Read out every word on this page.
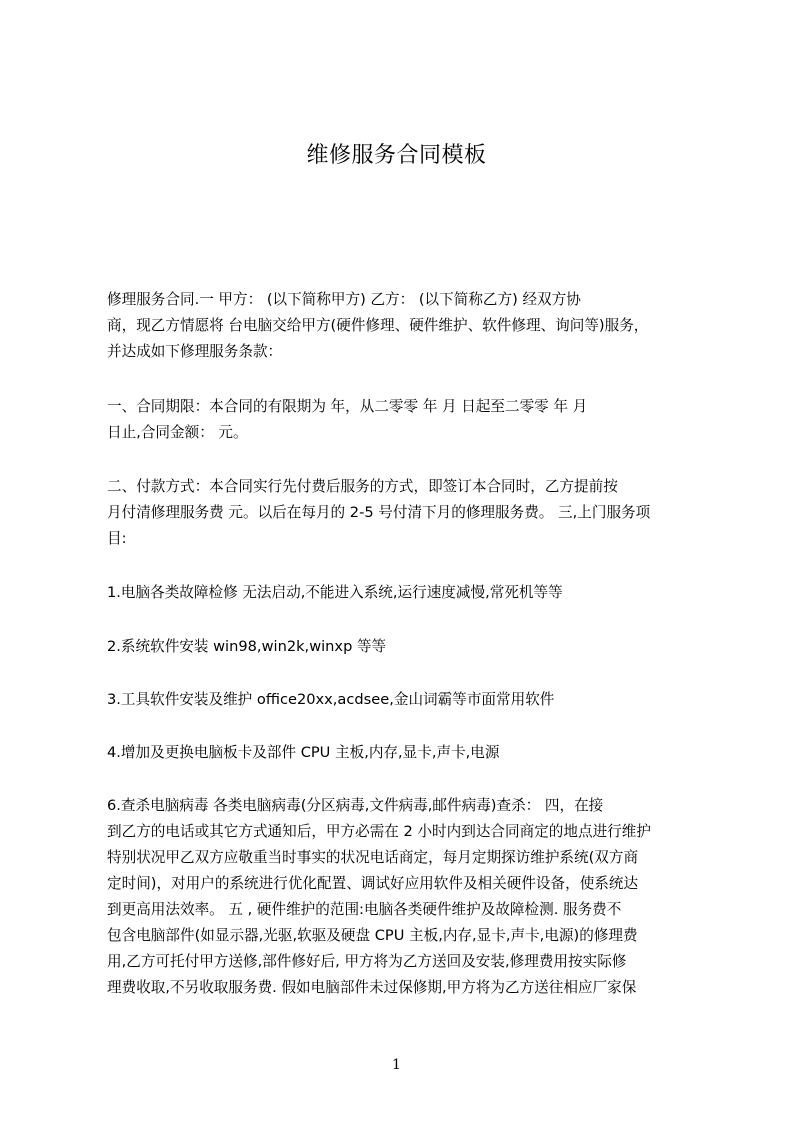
维修服务合同模板
修理服务合同.一 甲方： (以下简称甲方) 乙方： (以下简称乙方) 经双方协
商，现乙方情愿将 台电脑交给甲方(硬件修理、硬件维护、软件修理、询问等)服务，
并达成如下修理服务条款：
一、合同期限：本合同的有限期为 年，从二零零 年 月 日起至二零零 年 月
日止,合同金额： 元。
二、付款方式：本合同实行先付费后服务的方式，即签订本合同时，乙方提前按
月付清修理服务费 元。以后在每月的 2-5 号付清下月的修理服务费。 三,上门服务项
目:
1.电脑各类故障检修 无法启动,不能进入系统,运行速度减慢,常死机等等
2.系统软件安装 win98,win2k,winxp 等等
3.工具软件安装及维护 office20xx,acdsee,金山词霸等市面常用软件
4.增加及更换电脑板卡及部件 CPU 主板,内存,显卡,声卡,电源
6.查杀电脑病毒 各类电脑病毒(分区病毒,文件病毒,邮件病毒)查杀： 四，在接
到乙方的电话或其它方式通知后，甲方必需在 2 小时内到达合同商定的地点进行维护
特别状况甲乙双方应敬重当时事实的状况电话商定，每月定期探访维护系统(双方商
定时间)，对用户的系统进行优化配置、调试好应用软件及相关硬件设备，使系统达
到更高用法效率。 五 , 硬件维护的范围:电脑各类硬件维护及故障检测. 服务费不
包含电脑部件(如显示器,光驱,软驱及硬盘 CPU 主板,内存,显卡,声卡,电源)的修理费
用,乙方可托付甲方送修,部件修好后, 甲方将为乙方送回及安装,修理费用按实际修
理费收取,不另收取服务费. 假如电脑部件未过保修期,甲方将为乙方送往相应厂家保
1
